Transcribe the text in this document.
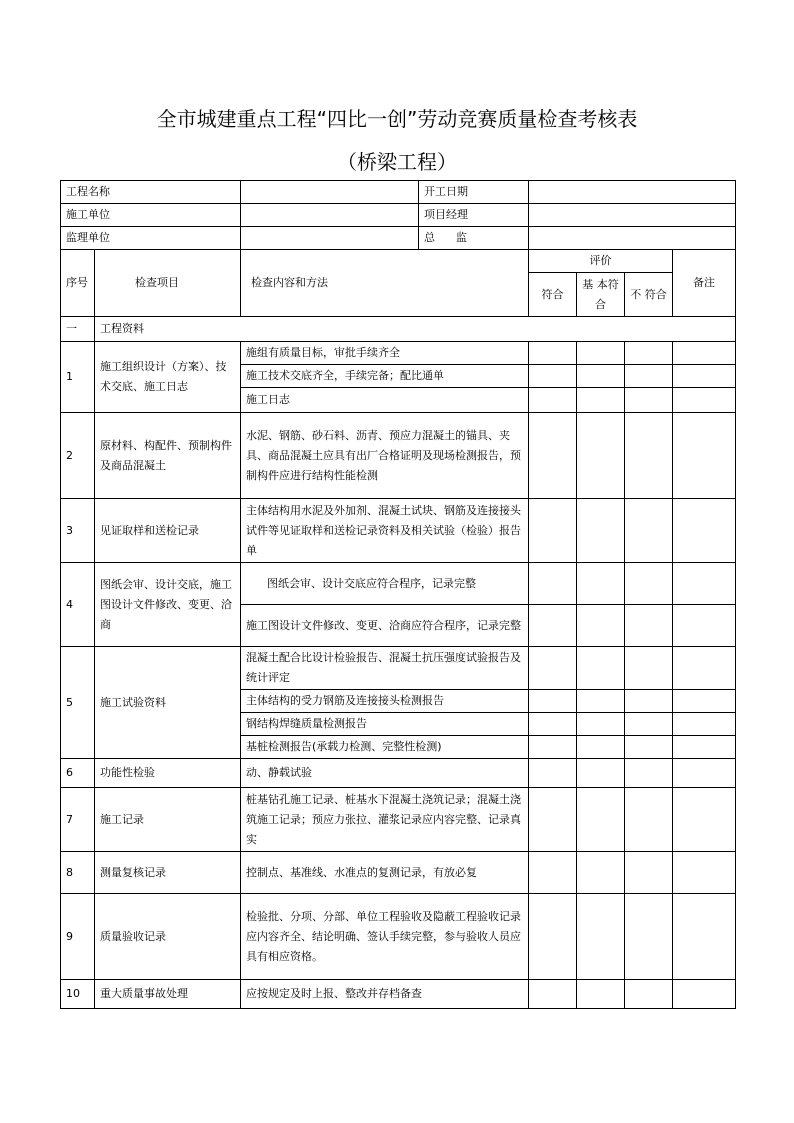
全市城建重点工程“四比一创”劳动竞赛质量检查考核表
（桥梁工程）
工程名称			开工日期				
施工单位			项目经理				
监理单位			总      监				
序号	检查项目	检查内容和方法		评价			备注
				符合	基 本符合	不 符合	
一	工程资料						
1	施工组织设计（方案）、技术交底、施工日志	施组有质量目标，审批手续齐全					
		施工技术交底齐全，手续完备；配比通单					
		施工日志					
2	原材料、构配件、预制构件及商品混凝土	水泥、钢筋、砂石料、沥青、预应力混凝土的锚具、夹具、商品混凝土应具有出厂合格证明及现场检测报告，预制构件应进行结构性能检测					
3	见证取样和送检记录	主体结构用水泥及外加剂、混凝土试块、钢筋及连接接头试件等见证取样和送检记录资料及相关试验（检验）报告单					
4	图纸会审、设计交底，施工图设计文件修改、变更、洽商	图纸会审、设计交底应符合程序，记录完整					
		施工图设计文件修改、变更、洽商应符合程序，记录完整					
5	施工试验资料	混凝土配合比设计检验报告、混凝土抗压强度试验报告及统计评定					
		主体结构的受力钢筋及连接接头检测报告					
		钢结构焊缝质量检测报告					
		基桩检测报告(承载力检测、完整性检测)					
6	功能性检验	动、静载试验					
7	施工记录	桩基钻孔施工记录、桩基水下混凝土浇筑记录；混凝土浇筑施工记录；预应力张拉、灌浆记录应内容完整、记录真实					
8	测量复核记录	控制点、基准线、水准点的复测记录，有放必复					
9	质量验收记录	检验批、分项、分部、单位工程验收及隐蔽工程验收记录应内容齐全、结论明确、签认手续完整，参与验收人员应具有相应资格。					
10	重大质量事故处理	应按规定及时上报、整改并存档备查					
